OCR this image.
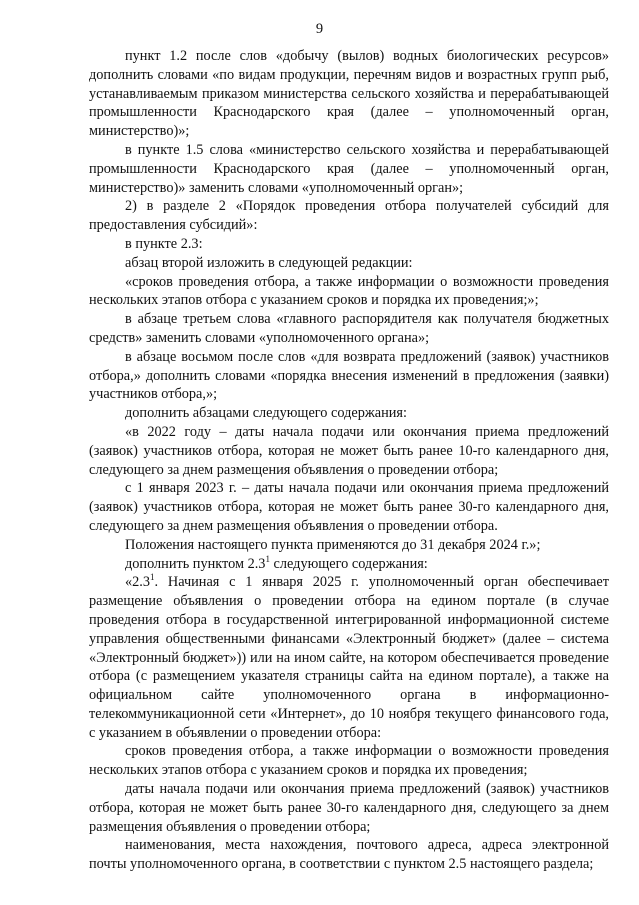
9

пункт 1.2 после слов «добычу (вылов) водных биологических ресурсов» дополнить словами «по видам продукции, перечням видов и возрастных групп рыб, устанавливаемым приказом министерства сельского хозяйства и перерабатывающей промышленности Краснодарского края (далее – уполномоченный орган, министерство)»;

в пункте 1.5 слова «министерство сельского хозяйства и перерабатывающей промышленности Краснодарского края (далее – уполномоченный орган, министерство)» заменить словами «уполномоченный орган»;

2) в разделе 2 «Порядок проведения отбора получателей субсидий для предоставления субсидий»:

в пункте 2.3:

абзац второй изложить в следующей редакции:

«сроков проведения отбора, а также информации о возможности проведения нескольких этапов отбора с указанием сроков и порядка их проведения;»;

в абзаце третьем слова «главного распорядителя как получателя бюджетных средств» заменить словами «уполномоченного органа»;

в абзаце восьмом после слов «для возврата предложений (заявок) участников отбора,» дополнить словами «порядка внесения изменений в предложения (заявки) участников отбора,»;

дополнить абзацами следующего содержания:

«в 2022 году – даты начала подачи или окончания приема предложений (заявок) участников отбора, которая не может быть ранее 10-го календарного дня, следующего за днем размещения объявления о проведении отбора;

с 1 января 2023 г. – даты начала подачи или окончания приема предложений (заявок) участников отбора, которая не может быть ранее 30-го календарного дня, следующего за днем размещения объявления о проведении отбора.

Положения настоящего пункта применяются до 31 декабря 2024 г.»;

дополнить пунктом $2.3^1$ следующего содержания:

«$2.3^1$. Начиная с 1 января 2025 г. уполномоченный орган обеспечивает размещение объявления о проведении отбора на едином портале (в случае проведения отбора в государственной интегрированной информационной системе управления общественными финансами «Электронный бюджет» (далее – система «Электронный бюджет»)) или на ином сайте, на котором обеспечивается проведение отбора (с размещением указателя страницы сайта на едином портале), а также на официальном сайте уполномоченного органа в информационно-телекоммуникационной сети «Интернет», до 10 ноября текущего финансового года, с указанием в объявлении о проведении отбора:

сроков проведения отбора, а также информации о возможности проведения нескольких этапов отбора с указанием сроков и порядка их проведения;

даты начала подачи или окончания приема предложений (заявок) участников отбора, которая не может быть ранее 30-го календарного дня, следующего за днем размещения объявления о проведении отбора;

наименования, места нахождения, почтового адреса, адреса электронной почты уполномоченного органа, в соответствии с пунктом 2.5 настоящего раздела;
